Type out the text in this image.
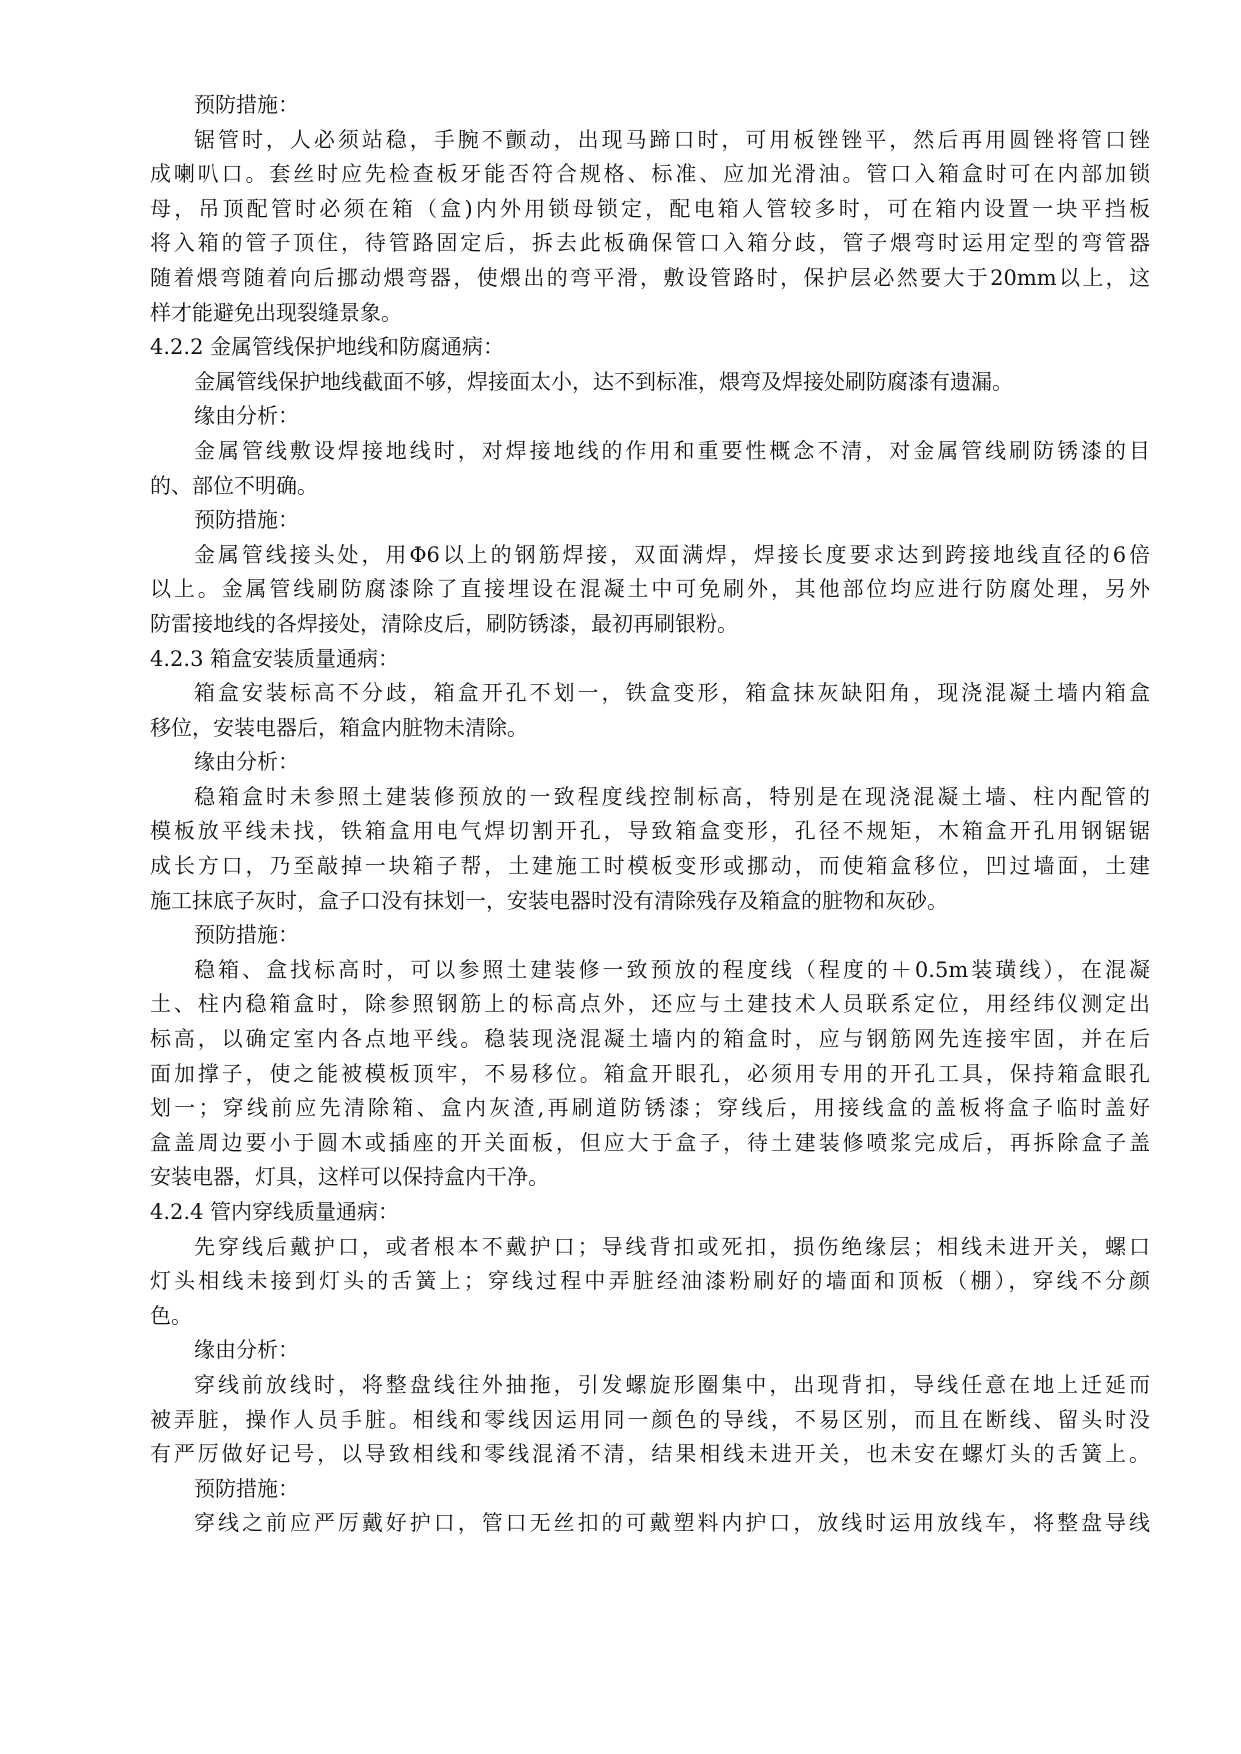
预防措施：
锯管时，人必须站稳，手腕不颤动，出现马蹄口时，可用板锉锉平，然后再用圆锉将管口锉
成喇叭口。套丝时应先检查板牙能否符合规格、标准、应加光滑油。管口入箱盒时可在内部加锁
母，吊顶配管时必须在箱（盒)内外用锁母锁定，配电箱人管较多时，可在箱内设置一块平挡板
将入箱的管子顶住，待管路固定后，拆去此板确保管口入箱分歧，管子煨弯时运用定型的弯管器
随着煨弯随着向后挪动煨弯器，使煨出的弯平滑，敷设管路时，保护层必然要大于20mm以上，这
样才能避免出现裂缝景象。
4.2.2 金属管线保护地线和防腐通病：
金属管线保护地线截面不够，焊接面太小，达不到标准，煨弯及焊接处刷防腐漆有遗漏。
缘由分析：
金属管线敷设焊接地线时，对焊接地线的作用和重要性概念不清，对金属管线刷防锈漆的目
的、部位不明确。
预防措施：
金属管线接头处，用Φ6以上的钢筋焊接，双面满焊，焊接长度要求达到跨接地线直径的6倍
以上。金属管线刷防腐漆除了直接埋设在混凝土中可免刷外，其他部位均应进行防腐处理，另外
防雷接地线的各焊接处，清除皮后，刷防锈漆，最初再刷银粉。
4.2.3 箱盒安装质量通病：
箱盒安装标高不分歧，箱盒开孔不划一，铁盒变形，箱盒抹灰缺阳角，现浇混凝土墙内箱盒
移位，安装电器后，箱盒内脏物未清除。
缘由分析：
稳箱盒时未参照土建装修预放的一致程度线控制标高，特别是在现浇混凝土墙、柱内配管的
模板放平线未找，铁箱盒用电气焊切割开孔，导致箱盒变形，孔径不规矩，木箱盒开孔用钢锯锯
成长方口，乃至敲掉一块箱子帮，土建施工时模板变形或挪动，而使箱盒移位，凹过墙面，土建
施工抹底子灰时，盒子口没有抹划一，安装电器时没有清除残存及箱盒的脏物和灰砂。
预防措施：
稳箱、盒找标高时，可以参照土建装修一致预放的程度线（程度的＋0.5m装璜线），在混凝
土、柱内稳箱盒时，除参照钢筋上的标高点外，还应与土建技术人员联系定位，用经纬仪测定出
标高，以确定室内各点地平线。稳装现浇混凝土墙内的箱盒时，应与钢筋网先连接牢固，并在后
面加撑子，使之能被模板顶牢，不易移位。箱盒开眼孔，必须用专用的开孔工具，保持箱盒眼孔
划一；穿线前应先清除箱、盒内灰渣,再刷道防锈漆；穿线后，用接线盒的盖板将盒子临时盖好
盒盖周边要小于圆木或插座的开关面板，但应大于盒子，待土建装修喷浆完成后，再拆除盒子盖
安装电器，灯具，这样可以保持盒内干净。
4.2.4 管内穿线质量通病：
先穿线后戴护口，或者根本不戴护口；导线背扣或死扣，损伤绝缘层；相线未进开关，螺口
灯头相线未接到灯头的舌簧上；穿线过程中弄脏经油漆粉刷好的墙面和顶板（棚），穿线不分颜
色。
缘由分析：
穿线前放线时，将整盘线往外抽拖，引发螺旋形圈集中，出现背扣，导线任意在地上迁延而
被弄脏，操作人员手脏。相线和零线因运用同一颜色的导线，不易区别，而且在断线、留头时没
有严厉做好记号，以导致相线和零线混淆不清，结果相线未进开关，也未安在螺灯头的舌簧上。
预防措施：
穿线之前应严厉戴好护口，管口无丝扣的可戴塑料内护口，放线时运用放线车，将整盘导线
